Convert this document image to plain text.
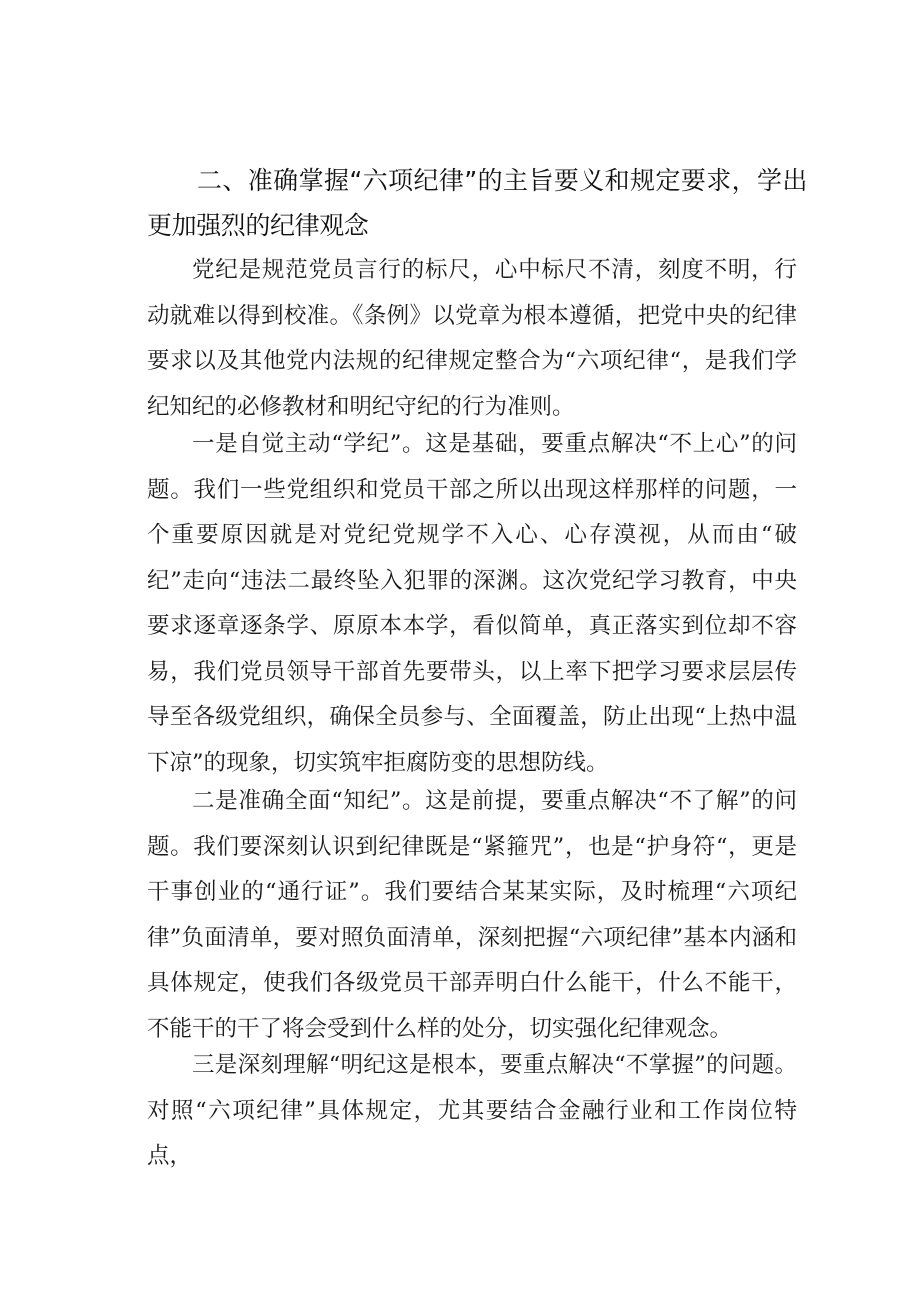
二、准确掌握“六项纪律”的主旨要义和规定要求，学出更加强烈的纪律观念

党纪是规范党员言行的标尺，心中标尺不清，刻度不明，行动就难以得到校准。《条例》以党章为根本遵循，把党中央的纪律要求以及其他党内法规的纪律规定整合为“六项纪律“，是我们学纪知纪的必修教材和明纪守纪的行为准则。

一是自觉主动“学纪”。这是基础，要重点解决“不上心”的问题。我们一些党组织和党员干部之所以出现这样那样的问题，一个重要原因就是对党纪党规学不入心、心存漠视，从而由“破纪”走向“违法二最终坠入犯罪的深渊。这次党纪学习教育，中央要求逐章逐条学、原原本本学，看似简单，真正落实到位却不容易，我们党员领导干部首先要带头，以上率下把学习要求层层传导至各级党组织，确保全员参与、全面覆盖，防止出现“上热中温下凉”的现象，切实筑牢拒腐防变的思想防线。

二是准确全面“知纪”。这是前提，要重点解决“不了解”的问题。我们要深刻认识到纪律既是“紧箍咒”，也是“护身符“，更是干事创业的“通行证”。我们要结合某某实际，及时梳理“六项纪律”负面清单，要对照负面清单，深刻把握“六项纪律”基本内涵和具体规定，使我们各级党员干部弄明白什么能干，什么不能干，不能干的干了将会受到什么样的处分，切实强化纪律观念。

三是深刻理解“明纪这是根本，要重点解决“不掌握”的问题。对照“六项纪律”具体规定，尤其要结合金融行业和工作岗位特点，
